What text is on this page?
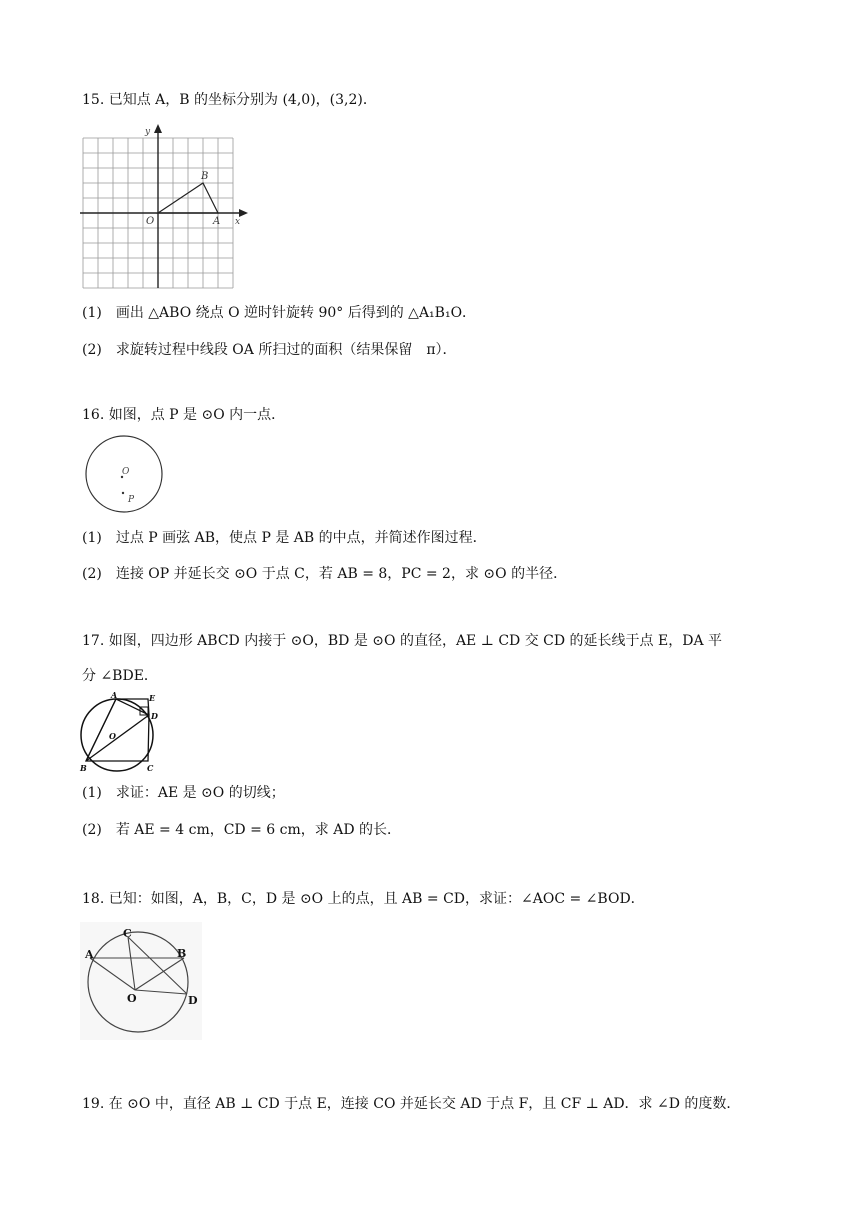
15. 已知点 A，B 的坐标分别为 (4,0)，(3,2)．
y
x
O	A
B
(1)　画出 △ABO 绕点 O 逆时针旋转 90° 后得到的 △A₁B₁O．
(2)　求旋转过程中线段 OA 所扫过的面积（结果保留　π）．
16. 如图，点 P 是 ⊙O 内一点．
O
P
(1)　过点 P 画弦 AB，使点 P 是 AB 的中点，并简述作图过程．
(2)　连接 OP 并延长交 ⊙O 于点 C，若 AB = 8，PC = 2，求 ⊙O 的半径．
17. 如图，四边形 ABCD 内接于 ⊙O，BD 是 ⊙O 的直径，AE ⊥ CD 交 CD 的延长线于点 E，DA 平
分 ∠BDE．
A	E
D
O
B	C
(1)　求证：AE 是 ⊙O 的切线；
(2)　若 AE = 4 cm，CD = 6 cm，求 AD 的长．
18. 已知：如图，A，B，C，D 是 ⊙O 上的点，且 AB = CD，求证：∠AOC = ∠BOD．
A	B
C
D
O
19. 在 ⊙O 中，直径 AB ⊥ CD 于点 E，连接 CO 并延长交 AD 于点 F，且 CF ⊥ AD．求 ∠D 的度数．
